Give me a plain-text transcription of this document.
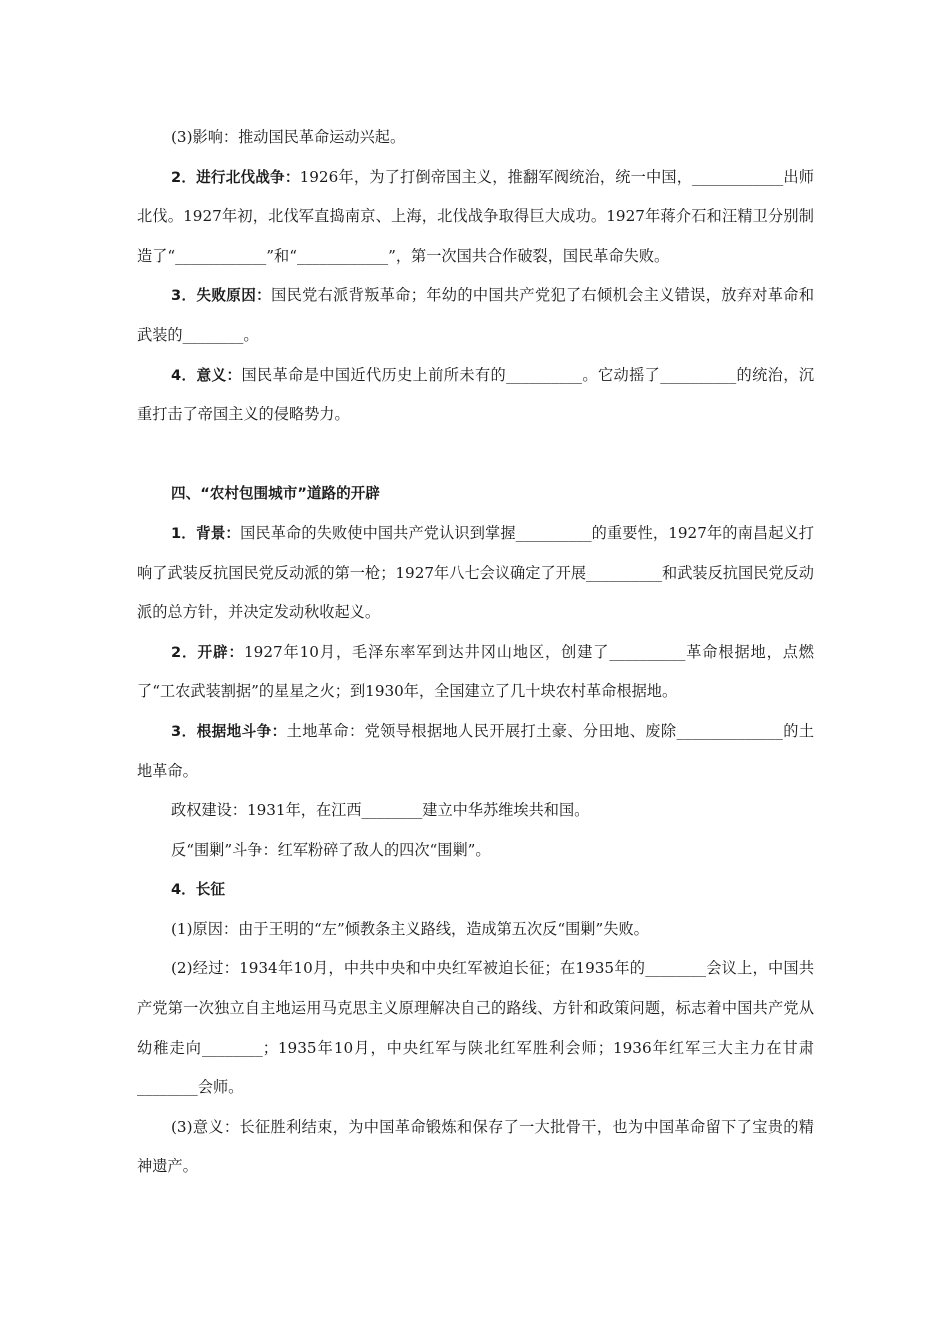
(3)影响：推动国民革命运动兴起。

2．进行北伐战争：1926年，为了打倒帝国主义，推翻军阀统治，统一中国，____________出师北伐。1927年初，北伐军直捣南京、上海，北伐战争取得巨大成功。1927年蒋介石和汪精卫分别制造了“____________”和“____________”，第一次国共合作破裂，国民革命失败。

3．失败原因：国民党右派背叛革命；年幼的中国共产党犯了右倾机会主义错误，放弃对革命和武装的________。

4．意义：国民革命是中国近代历史上前所未有的__________。它动摇了__________的统治，沉重打击了帝国主义的侵略势力。

四、“农村包围城市”道路的开辟

1．背景：国民革命的失败使中国共产党认识到掌握__________的重要性，1927年的南昌起义打响了武装反抗国民党反动派的第一枪；1927年八七会议确定了开展__________和武装反抗国民党反动派的总方针，并决定发动秋收起义。

2．开辟：1927年10月，毛泽东率军到达井冈山地区，创建了__________革命根据地，点燃了“工农武装割据”的星星之火；到1930年，全国建立了几十块农村革命根据地。

3．根据地斗争：土地革命：党领导根据地人民开展打土豪、分田地、废除______________的土地革命。

政权建设：1931年，在江西________建立中华苏维埃共和国。

反“围剿”斗争：红军粉碎了敌人的四次“围剿”。

4．长征

(1)原因：由于王明的“左”倾教条主义路线，造成第五次反“围剿”失败。

(2)经过：1934年10月，中共中央和中央红军被迫长征；在1935年的________会议上，中国共产党第一次独立自主地运用马克思主义原理解决自己的路线、方针和政策问题，标志着中国共产党从幼稚走向________；1935年10月，中央红军与陕北红军胜利会师；1936年红军三大主力在甘肃________会师。

(3)意义：长征胜利结束，为中国革命锻炼和保存了一大批骨干，也为中国革命留下了宝贵的精神遗产。
